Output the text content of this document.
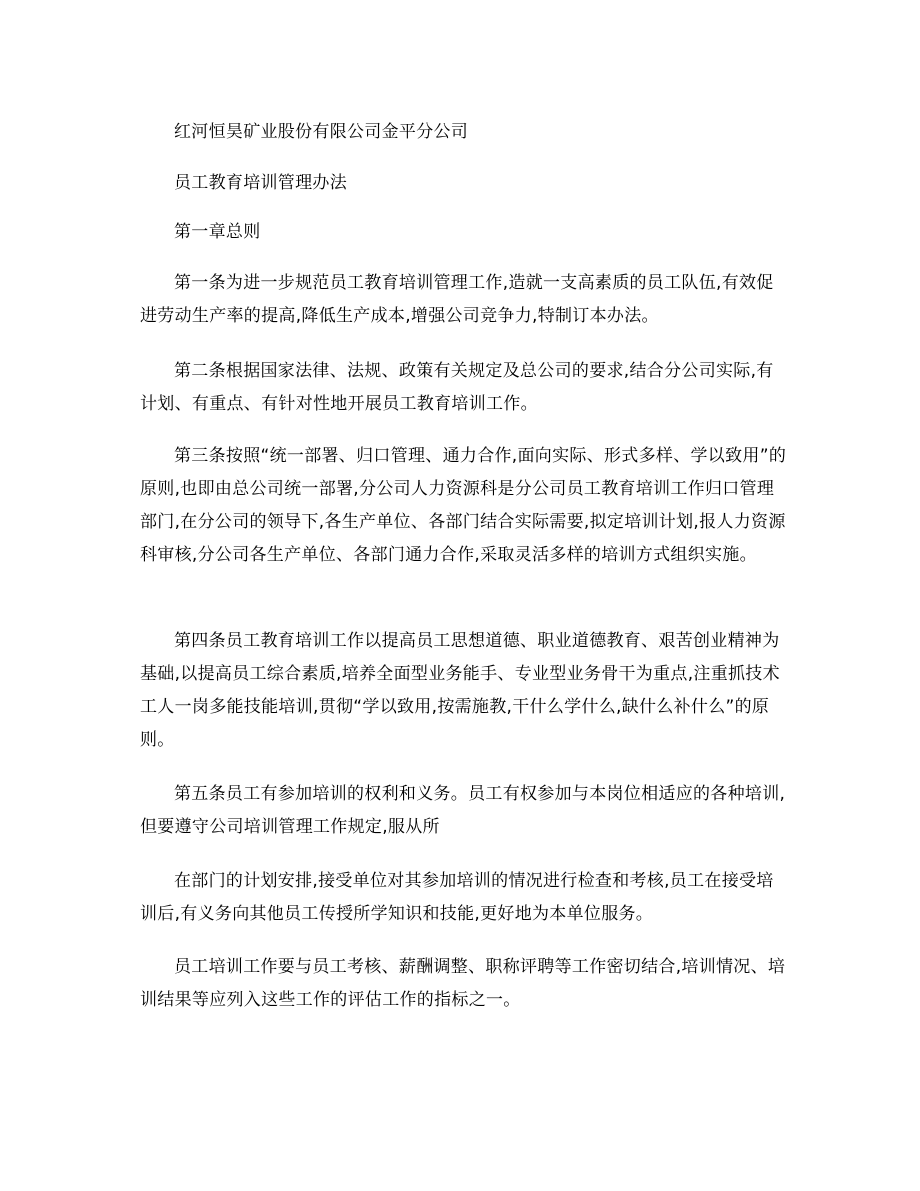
红河恒昊矿业股份有限公司金平分公司

员工教育培训管理办法

第一章总则

第一条为进一步规范员工教育培训管理工作,造就一支高素质的员工队伍,有效促进劳动生产率的提高,降低生产成本,增强公司竞争力,特制订本办法。

第二条根据国家法律、法规、政策有关规定及总公司的要求,结合分公司实际,有计划、有重点、有针对性地开展员工教育培训工作。

第三条按照“统一部署、归口管理、通力合作,面向实际、形式多样、学以致用”的原则,也即由总公司统一部署,分公司人力资源科是分公司员工教育培训工作归口管理部门,在分公司的领导下,各生产单位、各部门结合实际需要,拟定培训计划,报人力资源科审核,分公司各生产单位、各部门通力合作,采取灵活多样的培训方式组织实施。

第四条员工教育培训工作以提高员工思想道德、职业道德教育、艰苦创业精神为基础,以提高员工综合素质,培养全面型业务能手、专业型业务骨干为重点,注重抓技术工人一岗多能技能培训,贯彻“学以致用,按需施教,干什么学什么,缺什么补什么”的原则。

第五条员工有参加培训的权利和义务。员工有权参加与本岗位相适应的各种培训,但要遵守公司培训管理工作规定,服从所

在部门的计划安排,接受单位对其参加培训的情况进行检查和考核,员工在接受培训后,有义务向其他员工传授所学知识和技能,更好地为本单位服务。

员工培训工作要与员工考核、薪酬调整、职称评聘等工作密切结合,培训情况、培训结果等应列入这些工作的评估工作的指标之一。
